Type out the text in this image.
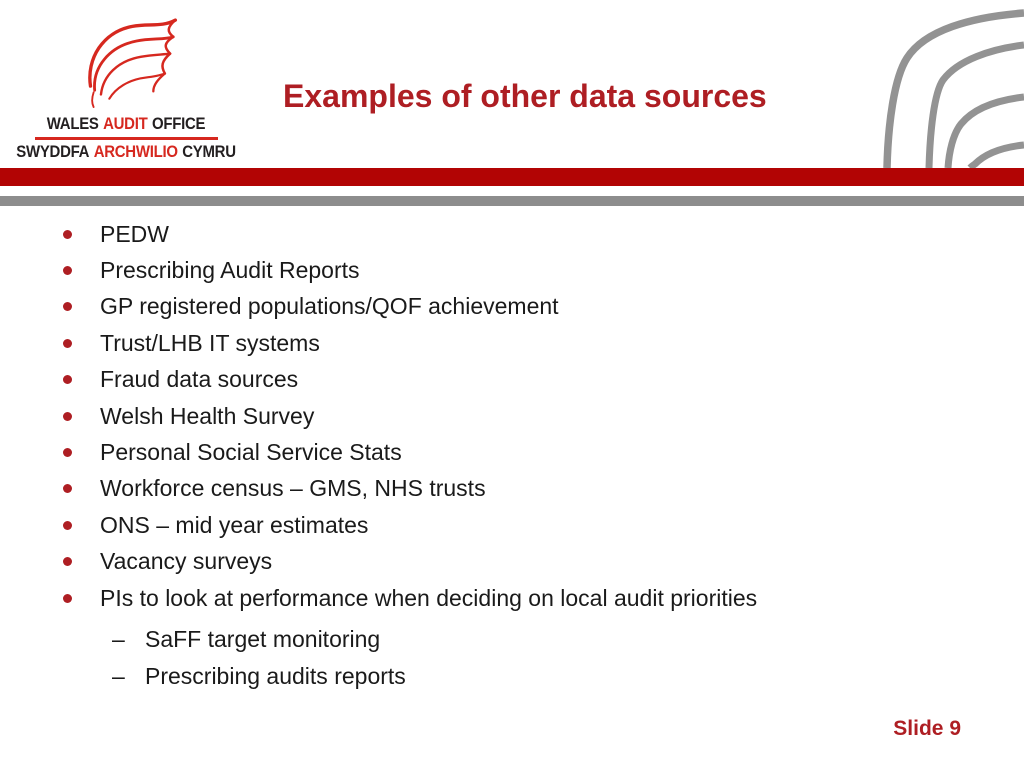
WALES AUDIT OFFICE
SWYDDFA ARCHWILIO CYMRU
Examples of other data sources
PEDW
Prescribing Audit Reports
GP registered populations/QOF achievement
Trust/LHB IT systems
Fraud data sources
Welsh Health Survey
Personal Social Service Stats
Workforce census – GMS, NHS trusts
ONS – mid year estimates
Vacancy surveys
PIs to look at performance when deciding on local audit priorities
– SaFF target monitoring
– Prescribing audits reports
Slide 9
